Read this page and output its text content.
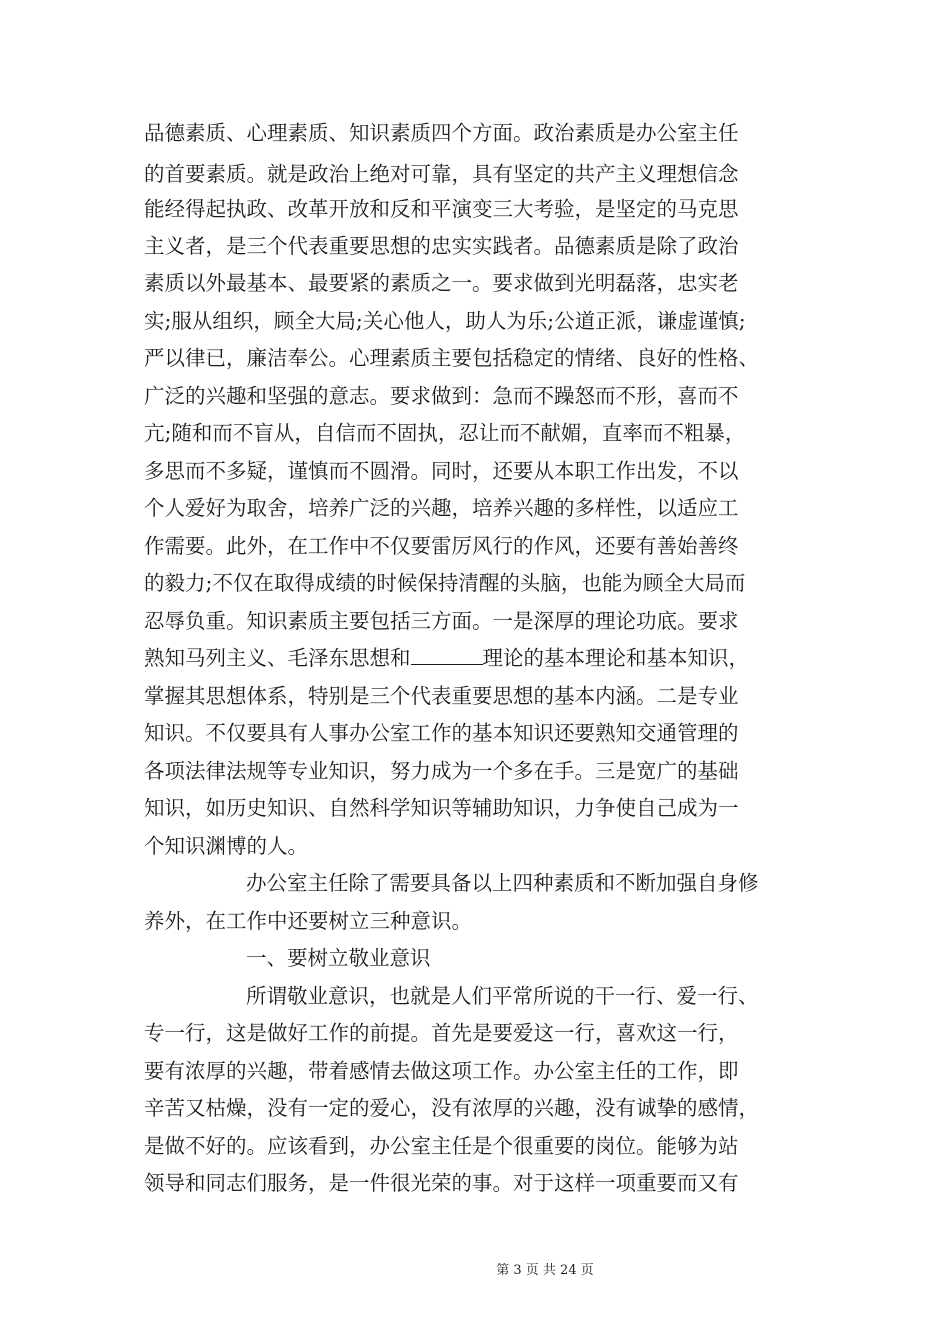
品德素质、心理素质、知识素质四个方面。政治素质是办公室主任
的首要素质。就是政治上绝对可靠，具有坚定的共产主义理想信念
能经得起执政、改革开放和反和平演变三大考验，是坚定的马克思
主义者，是三个代表重要思想的忠实实践者。品德素质是除了政治
素质以外最基本、最要紧的素质之一。要求做到光明磊落，忠实老
实;服从组织，顾全大局;关心他人，助人为乐;公道正派，谦虚谨慎;
严以律已，廉洁奉公。心理素质主要包括稳定的情绪、良好的性格、
广泛的兴趣和坚强的意志。要求做到：急而不躁怒而不形，喜而不
亢;随和而不盲从，自信而不固执，忍让而不献媚，直率而不粗暴，
多思而不多疑，谨慎而不圆滑。同时，还要从本职工作出发，不以
个人爱好为取舍，培养广泛的兴趣，培养兴趣的多样性，以适应工
作需要。此外，在工作中不仅要雷厉风行的作风，还要有善始善终
的毅力;不仅在取得成绩的时候保持清醒的头脑，也能为顾全大局而
忍辱负重。知识素质主要包括三方面。一是深厚的理论功底。要求
熟知马列主义、毛泽东思想和	理论的基本理论和基本知识，
掌握其思想体系，特别是三个代表重要思想的基本内涵。二是专业
知识。不仅要具有人事办公室工作的基本知识还要熟知交通管理的
各项法律法规等专业知识，努力成为一个多在手。三是宽广的基础
知识，如历史知识、自然科学知识等辅助知识，力争使自己成为一
个知识渊博的人。
办公室主任除了需要具备以上四种素质和不断加强自身修
养外，在工作中还要树立三种意识。
一、要树立敬业意识
所谓敬业意识，也就是人们平常所说的干一行、爱一行、
专一行，这是做好工作的前提。首先是要爱这一行，喜欢这一行，
要有浓厚的兴趣，带着感情去做这项工作。办公室主任的工作，即
辛苦又枯燥，没有一定的爱心，没有浓厚的兴趣，没有诚挚的感情，
是做不好的。应该看到，办公室主任是个很重要的岗位。能够为站
领导和同志们服务，是一件很光荣的事。对于这样一项重要而又有
第 3 页 共 24 页
